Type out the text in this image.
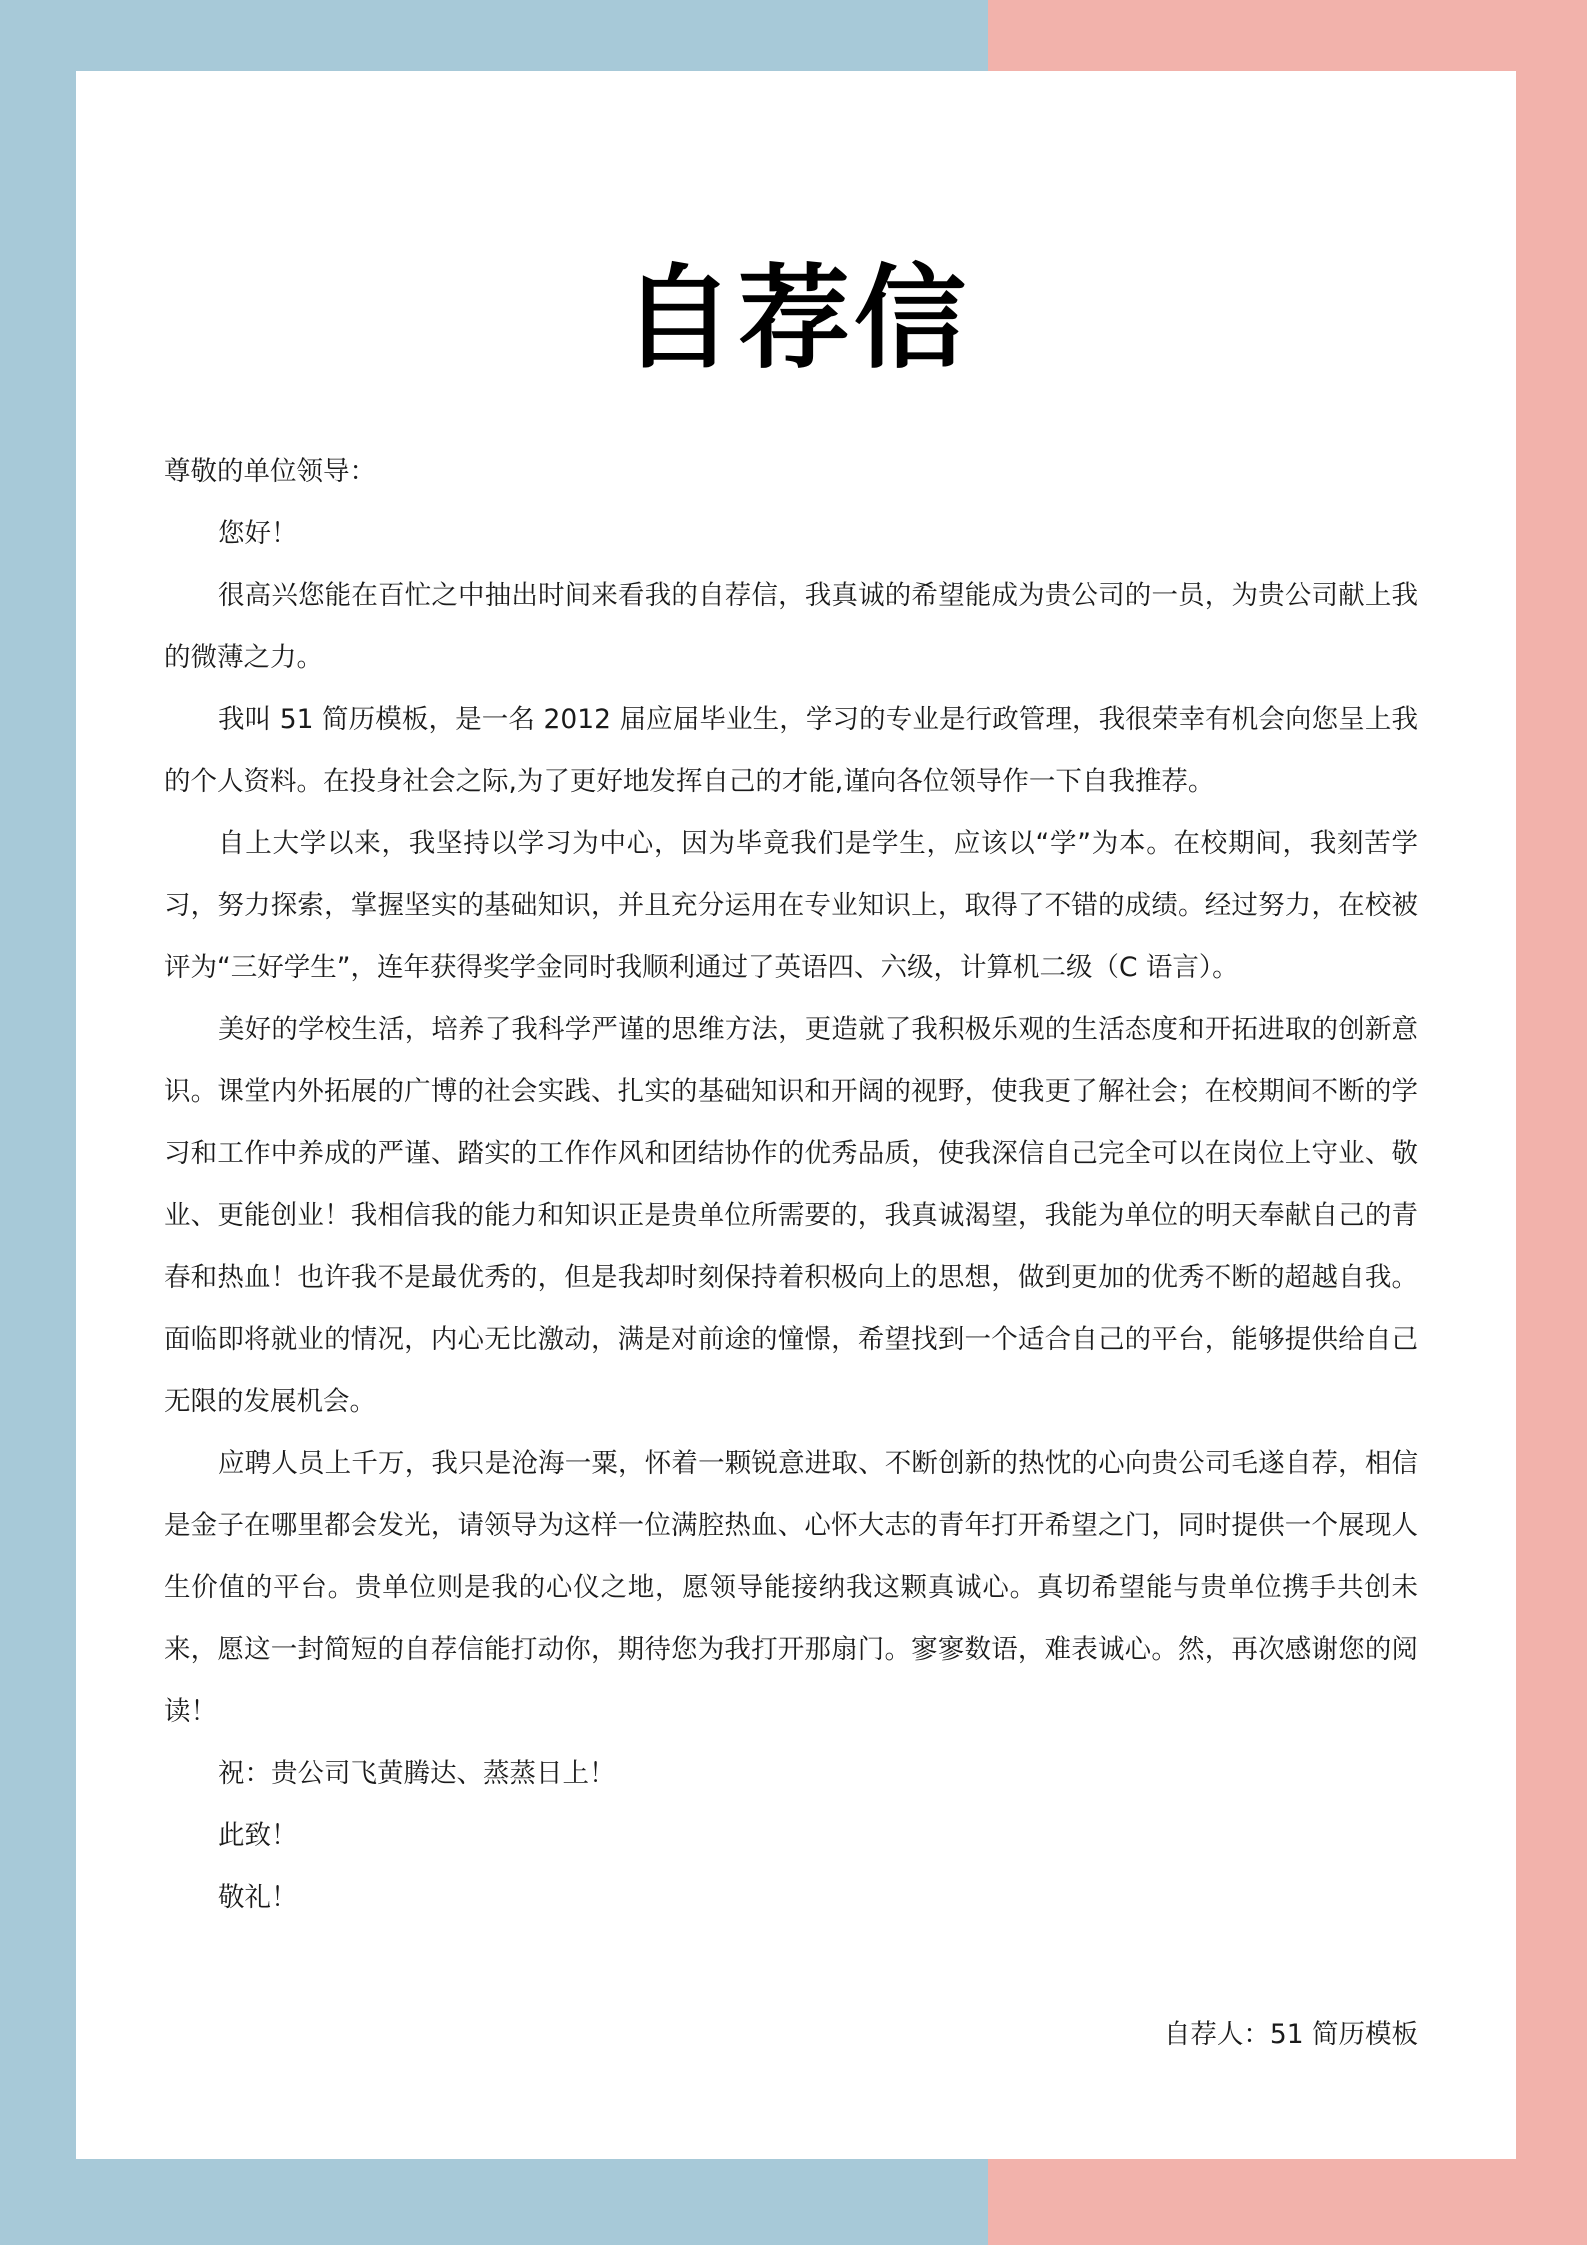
自荐信

尊敬的单位领导：

您好！

很高兴您能在百忙之中抽出时间来看我的自荐信，我真诚的希望能成为贵公司的一员，为贵公司献上我的微薄之力。

我叫 51 简历模板，是一名 2012 届应届毕业生，学习的专业是行政管理，我很荣幸有机会向您呈上我的个人资料。在投身社会之际,为了更好地发挥自己的才能,谨向各位领导作一下自我推荐。

自上大学以来，我坚持以学习为中心，因为毕竟我们是学生，应该以“学”为本。在校期间，我刻苦学习，努力探索，掌握坚实的基础知识，并且充分运用在专业知识上，取得了不错的成绩。经过努力，在校被评为“三好学生”，连年获得奖学金同时我顺利通过了英语四、六级，计算机二级（C 语言）。

美好的学校生活，培养了我科学严谨的思维方法，更造就了我积极乐观的生活态度和开拓进取的创新意识。课堂内外拓展的广博的社会实践、扎实的基础知识和开阔的视野，使我更了解社会；在校期间不断的学习和工作中养成的严谨、踏实的工作作风和团结协作的优秀品质，使我深信自己完全可以在岗位上守业、敬业、更能创业！我相信我的能力和知识正是贵单位所需要的，我真诚渴望，我能为单位的明天奉献自己的青春和热血！也许我不是最优秀的，但是我却时刻保持着积极向上的思想，做到更加的优秀不断的超越自我。面临即将就业的情况，内心无比激动，满是对前途的憧憬，希望找到一个适合自己的平台，能够提供给自己无限的发展机会。

应聘人员上千万，我只是沧海一粟，怀着一颗锐意进取、不断创新的热忱的心向贵公司毛遂自荐，相信是金子在哪里都会发光，请领导为这样一位满腔热血、心怀大志的青年打开希望之门，同时提供一个展现人生价值的平台。贵单位则是我的心仪之地，愿领导能接纳我这颗真诚心。真切希望能与贵单位携手共创未来，愿这一封简短的自荐信能打动你，期待您为我打开那扇门。寥寥数语，难表诚心。然，再次感谢您的阅读！

祝：贵公司飞黄腾达、蒸蒸日上！

此致！

敬礼！

自荐人：51 简历模板
